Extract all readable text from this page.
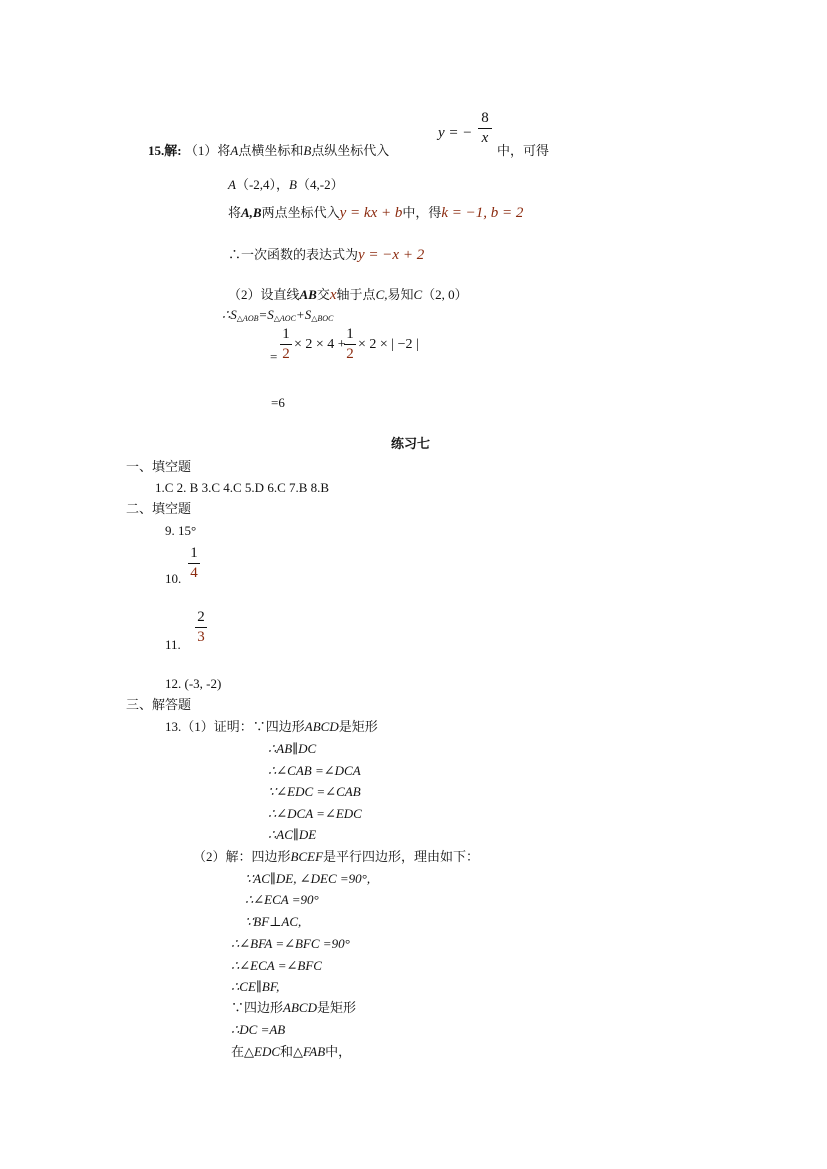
15.解: （1）将A点横坐标和B点纵坐标代入
y = −
8
x
中，可得
A（-2,4），B（4,-2）
将A,B两点坐标代入y = kx + b中，得k = −1, b = 2
∴一次函数的表达式为y = −x + 2
（2）设直线AB交x轴于点C,易知C（2, 0）
$\therefore S_{\triangle AOB}=S_{\triangle AOC}+S_{\triangle BOC}$
=
1
2
× 2 × 4 +
1
2
× 2 × | −2 |
=6
练习七
一、填空题
1.C 2. B 3.C 4.C 5.D 6.C 7.B 8.B
二、填空题
9. 15°
10.
1
4
11.
2
3
12. (-3, -2)
三、解答题
13.（1）证明：∵四边形ABCD是矩形
∴AB∥DC
∴∠CAB =∠DCA
∵∠EDC =∠CAB
∴∠DCA =∠EDC
∴AC∥DE
（2）解：四边形BCEF是平行四边形，理由如下：
∵AC∥DE, ∠DEC =90°,
∴∠ECA =90°
∵BF⊥AC,
∴∠BFA =∠BFC =90°
∴∠ECA =∠BFC
∴CE∥BF,
∵四边形ABCD是矩形
∴DC =AB
在△EDC和△FAB中，
